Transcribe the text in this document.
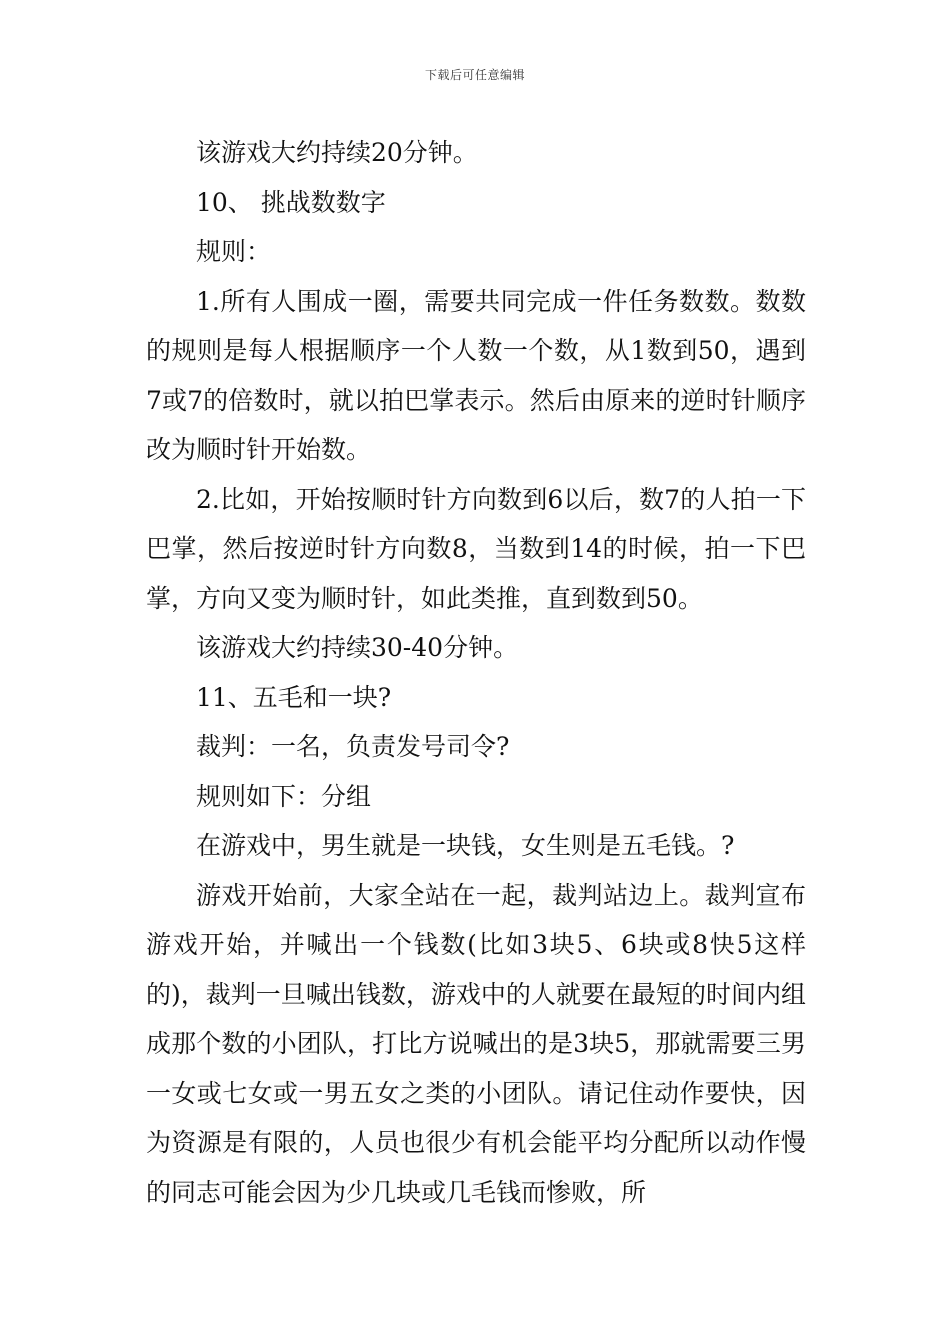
下载后可任意编辑

该游戏大约持续20分钟。

10、 挑战数数字

规则：

1.所有人围成一圈，需要共同完成一件任务数数。数数的规则是每人根据顺序一个人数一个数，从1数到50，遇到7或7的倍数时，就以拍巴掌表示。然后由原来的逆时针顺序改为顺时针开始数。

2.比如，开始按顺时针方向数到6以后，数7的人拍一下巴掌，然后按逆时针方向数8，当数到14的时候，拍一下巴掌，方向又变为顺时针，如此类推，直到数到50。

该游戏大约持续30-40分钟。

11、五毛和一块?

裁判：一名，负责发号司令?

规则如下：分组

在游戏中，男生就是一块钱，女生则是五毛钱。?

游戏开始前，大家全站在一起，裁判站边上。裁判宣布游戏开始，并喊出一个钱数(比如3块5、6块或8快5这样的)，裁判一旦喊出钱数，游戏中的人就要在最短的时间内组成那个数的小团队，打比方说喊出的是3块5，那就需要三男一女或七女或一男五女之类的小团队。请记住动作要快，因为资源是有限的，人员也很少有机会能平均分配所以动作慢的同志可能会因为少几块或几毛钱而惨败，所
